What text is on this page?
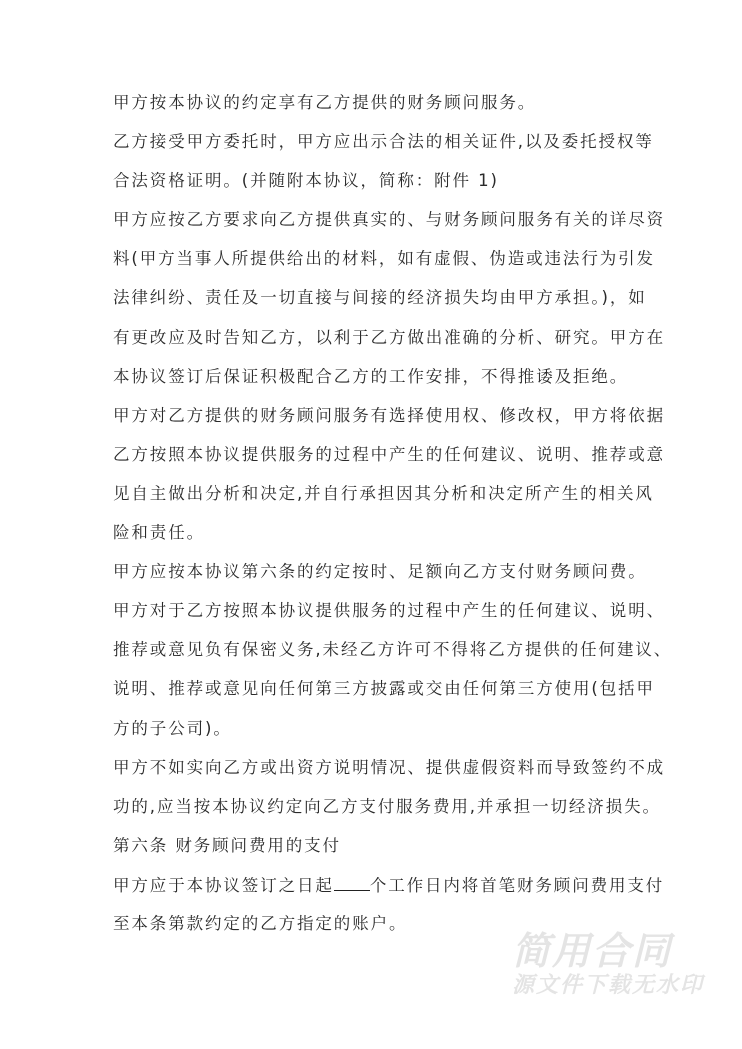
甲方按本协议的约定享有乙方提供的财务顾问服务。
乙方接受甲方委托时，甲方应出示合法的相关证件,以及委托授权等
合法资格证明。(并随附本协议，简称：附件 1)
甲方应按乙方要求向乙方提供真实的、与财务顾问服务有关的详尽资
料(甲方当事人所提供给出的材料，如有虚假、伪造或违法行为引发
法律纠纷、责任及一切直接与间接的经济损失均由甲方承担。)，如
有更改应及时告知乙方，以利于乙方做出准确的分析、研究。甲方在
本协议签订后保证积极配合乙方的工作安排，不得推诿及拒绝。
甲方对乙方提供的财务顾问服务有选择使用权、修改权，甲方将依据
乙方按照本协议提供服务的过程中产生的任何建议、说明、推荐或意
见自主做出分析和决定,并自行承担因其分析和决定所产生的相关风
险和责任。
甲方应按本协议第六条的约定按时、足额向乙方支付财务顾问费。
甲方对于乙方按照本协议提供服务的过程中产生的任何建议、说明、
推荐或意见负有保密义务,未经乙方许可不得将乙方提供的任何建议、
说明、推荐或意见向任何第三方披露或交由任何第三方使用(包括甲
方的子公司)。
甲方不如实向乙方或出资方说明情况、提供虚假资料而导致签约不成
功的,应当按本协议约定向乙方支付服务费用,并承担一切经济损失。
第六条 财务顾问费用的支付
甲方应于本协议签订之日起 个工作日内将首笔财务顾问费用支付
至本条第款约定的乙方指定的账户。
简用合同
源文件下载无水印
